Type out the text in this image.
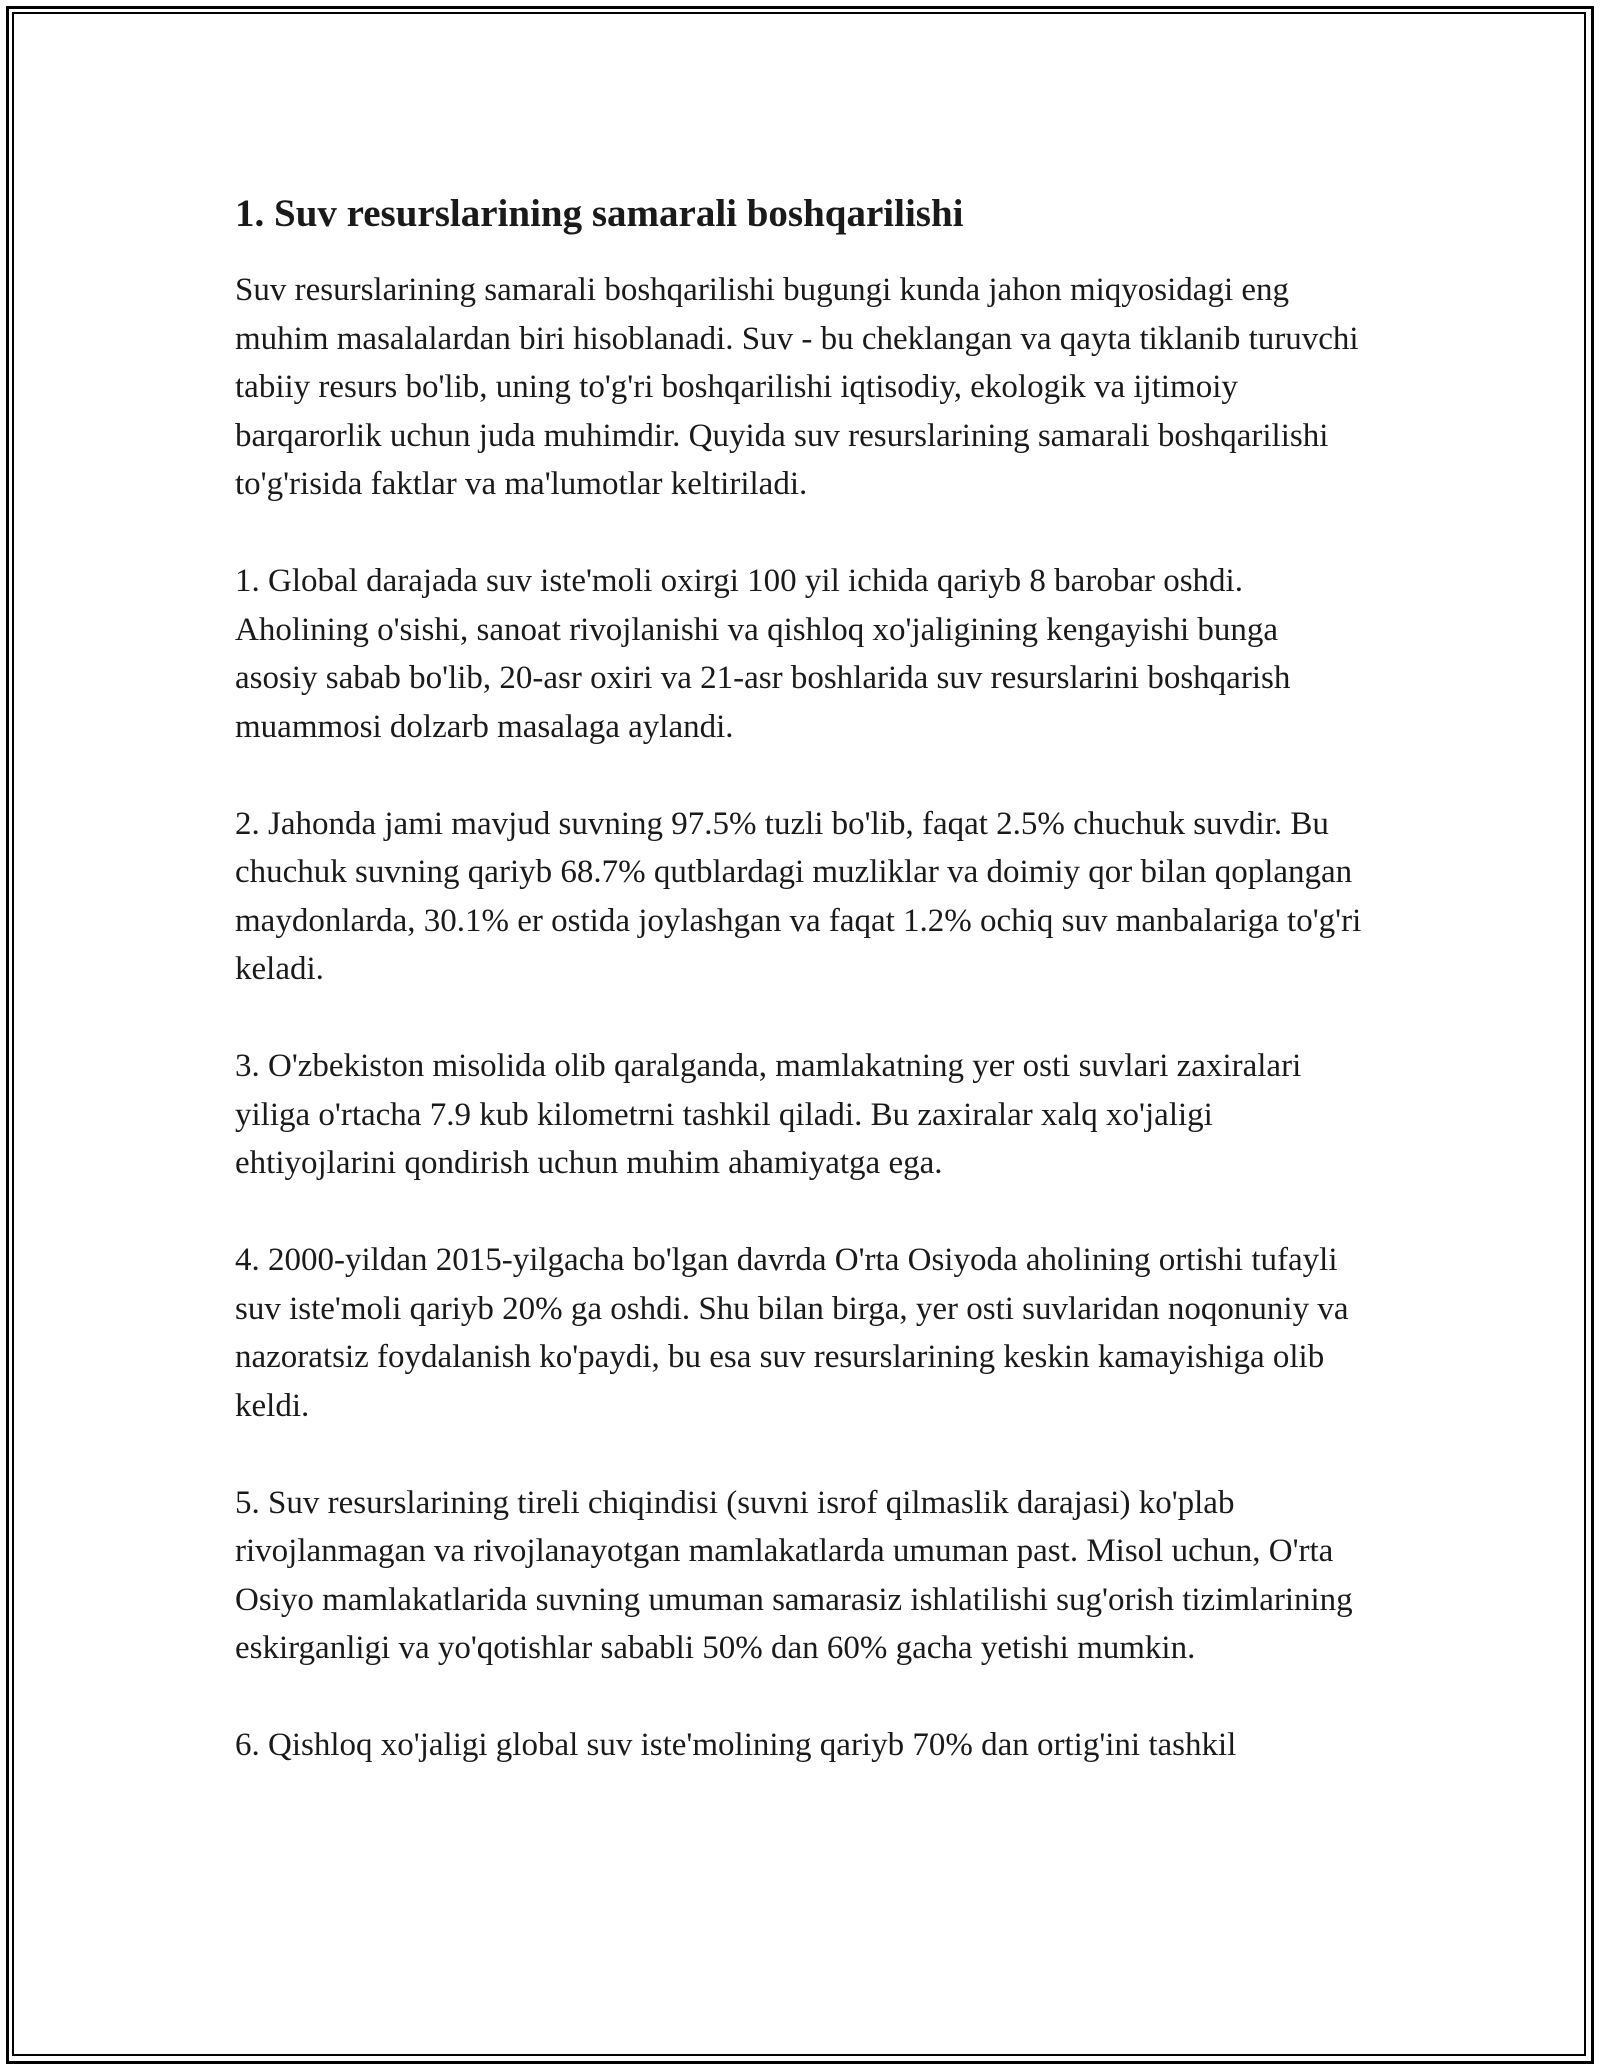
1. Suv resurslarining samarali boshqarilishi

Suv resurslarining samarali boshqarilishi bugungi kunda jahon miqyosidagi eng muhim masalalardan biri hisoblanadi. Suv - bu cheklangan va qayta tiklanib turuvchi tabiiy resurs bo'lib, uning to'g'ri boshqarilishi iqtisodiy, ekologik va ijtimoiy barqarorlik uchun juda muhimdir. Quyida suv resurslarining samarali boshqarilishi to'g'risida faktlar va ma'lumotlar keltiriladi.

1. Global darajada suv iste'moli oxirgi 100 yil ichida qariyb 8 barobar oshdi. Aholining o'sishi, sanoat rivojlanishi va qishloq xo'jaligining kengayishi bunga asosiy sabab bo'lib, 20-asr oxiri va 21-asr boshlarida suv resurslarini boshqarish muammosi dolzarb masalaga aylandi.

2. Jahonda jami mavjud suvning 97.5% tuzli bo'lib, faqat 2.5% chuchuk suvdir. Bu chuchuk suvning qariyb 68.7% qutblardagi muzliklar va doimiy qor bilan qoplangan maydonlarda, 30.1% er ostida joylashgan va faqat 1.2% ochiq suv manbalariga to'g'ri keladi.

3. O'zbekiston misolida olib qaralganda, mamlakatning yer osti suvlari zaxiralari yiliga o'rtacha 7.9 kub kilometrni tashkil qiladi. Bu zaxiralar xalq xo'jaligi ehtiyojlarini qondirish uchun muhim ahamiyatga ega.

4. 2000-yildan 2015-yilgacha bo'lgan davrda O'rta Osiyoda aholining ortishi tufayli suv iste'moli qariyb 20% ga oshdi. Shu bilan birga, yer osti suvlaridan noqonuniy va nazoratsiz foydalanish ko'paydi, bu esa suv resurslarining keskin kamayishiga olib keldi.

5. Suv resurslarining tireli chiqindisi (suvni isrof qilmaslik darajasi) ko'plab rivojlanmagan va rivojlanayotgan mamlakatlarda umuman past. Misol uchun, O'rta Osiyo mamlakatlarida suvning umuman samarasiz ishlatilishi sug'orish tizimlarining eskirganligi va yo'qotishlar sababli 50% dan 60% gacha yetishi mumkin.

6. Qishloq xo'jaligi global suv iste'molining qariyb 70% dan ortig'ini tashkil
